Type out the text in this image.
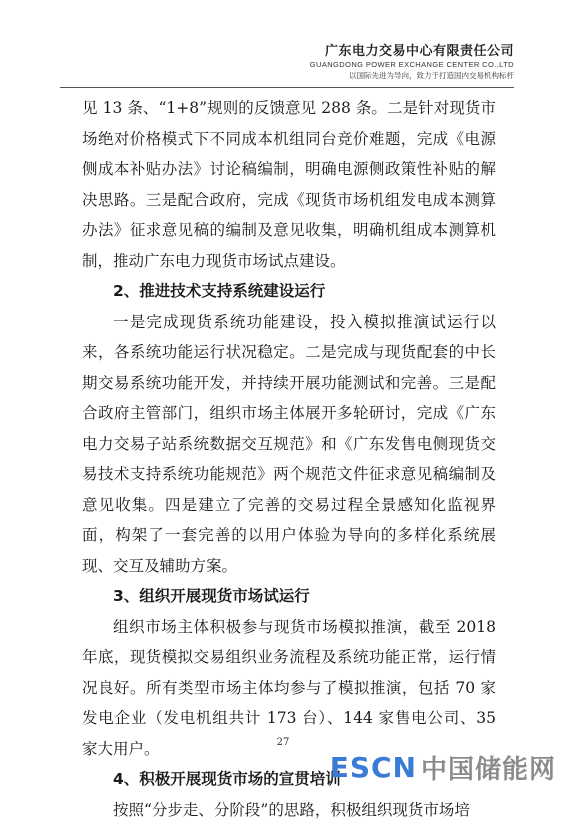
广东电力交易中心有限责任公司
GUANGDONG POWER EXCHANGE CENTER CO.,LTD
以国际先进为导向，致力于打造国内交易机构标杆

见 13 条、“1+8”规则的反馈意见 288 条。二是针对现货市场绝对价格模式下不同成本机组同台竞价难题，完成《电源侧成本补贴办法》讨论稿编制，明确电源侧政策性补贴的解决思路。三是配合政府，完成《现货市场机组发电成本测算办法》征求意见稿的编制及意见收集，明确机组成本测算机制，推动广东电力现货市场试点建设。

2、推进技术支持系统建设运行

一是完成现货系统功能建设，投入模拟推演试运行以来，各系统功能运行状况稳定。二是完成与现货配套的中长期交易系统功能开发，并持续开展功能测试和完善。三是配合政府主管部门，组织市场主体展开多轮研讨，完成《广东电力交易子站系统数据交互规范》和《广东发售电侧现货交易技术支持系统功能规范》两个规范文件征求意见稿编制及意见收集。四是建立了完善的交易过程全景感知化监视界面，构架了一套完善的以用户体验为导向的多样化系统展现、交互及辅助方案。

3、组织开展现货市场试运行

组织市场主体积极参与现货市场模拟推演，截至 2018 年底，现货模拟交易组织业务流程及系统功能正常，运行情况良好。所有类型市场主体均参与了模拟推演，包括 70 家发电企业（发电机组共计 173 台）、144 家售电公司、35 家大用户。

4、积极开展现货市场的宣贯培训

按照“分步走、分阶段”的思路，积极组织现货市场培

27
ESCN 中国储能网
